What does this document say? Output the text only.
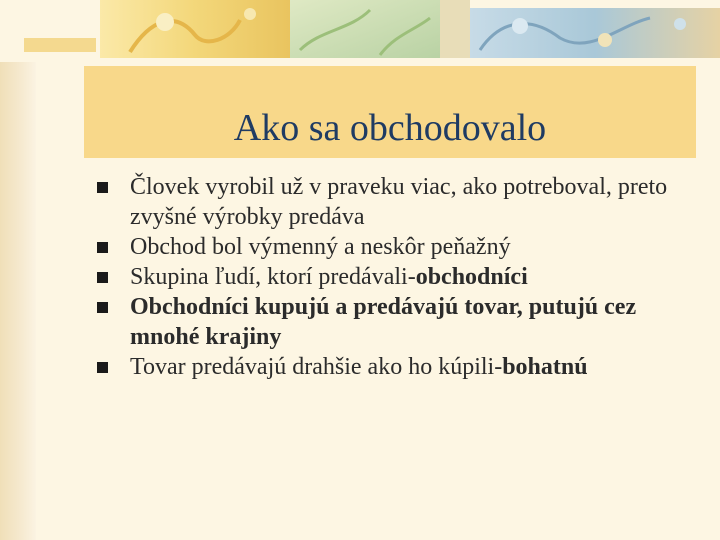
Ako sa obchodovalo
Človek vyrobil už v praveku viac, ako potreboval, preto zvyšné výrobky predáva
Obchod bol výmenný a neskôr peňažný
Skupina ľudí, ktorí predávali-obchodníci
Obchodníci kupujú a predávajú tovar, putujú cez mnohé krajiny
Tovar predávajú drahšie ako ho kúpili-bohatnú
